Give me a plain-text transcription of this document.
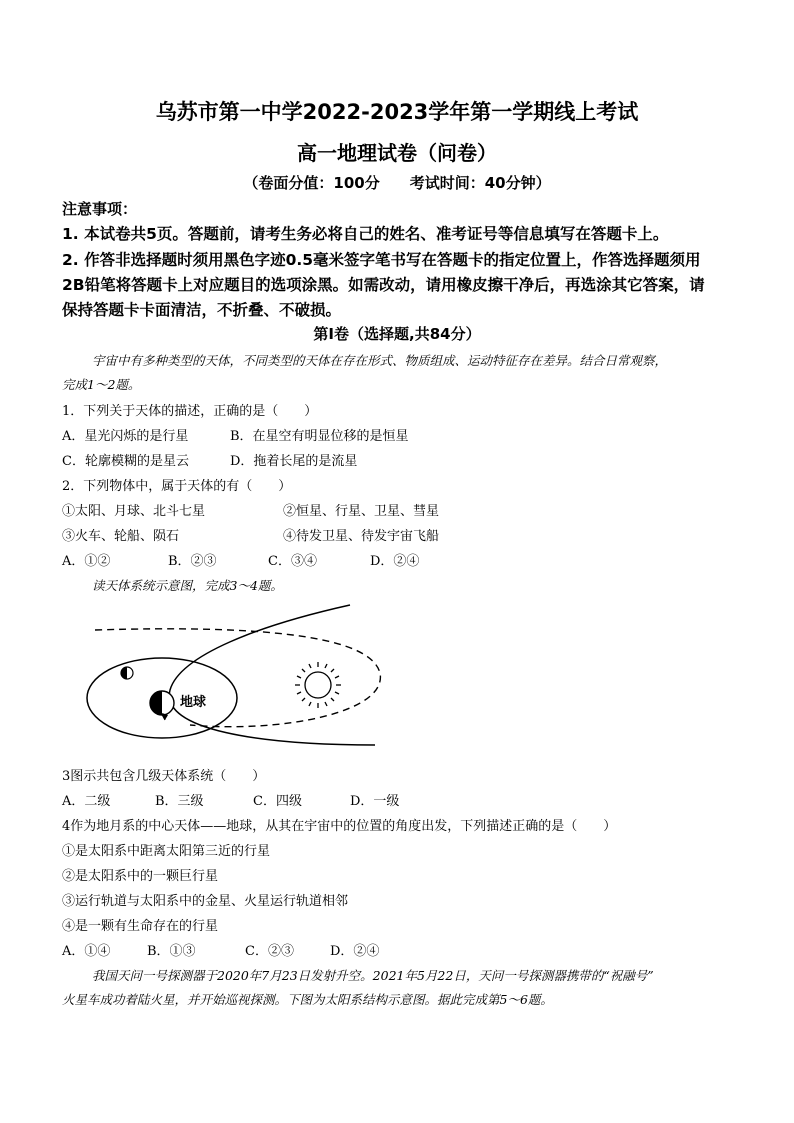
乌苏市第一中学2022-2023学年第一学期线上考试
高一地理试卷（问卷）
（卷面分值：100分　　考试时间：40分钟）
注意事项：
1. 本试卷共5页。答题前，请考生务必将自己的姓名、准考证号等信息填写在答题卡上。
2. 作答非选择题时须用黑色字迹0.5毫米签字笔书写在答题卡的指定位置上，作答选择题须用
2B铅笔将答题卡上对应题目的选项涂黑。如需改动，请用橡皮擦干净后，再选涂其它答案，请
保持答题卡卡面清洁，不折叠、不破损。
第Ⅰ卷（选择题,共84分）
宇宙中有多种类型的天体，不同类型的天体在存在形式、物质组成、运动特征存在差异。结合日常观察，
完成1～2题。
1．下列关于天体的描述，正确的是（　　）
A．星光闪烁的是行星	B．在星空有明显位移的是恒星
C．轮廓模糊的是星云	D．拖着长尾的是流星
2．下列物体中，属于天体的有（　　）
①太阳、月球、北斗七星	②恒星、行星、卫星、彗星
③火车、轮船、陨石	④待发卫星、待发宇宙飞船
A．①②	B．②③	C．③④	D．②④
读天体系统示意图，完成3～4题。
地球
3图示共包含几级天体系统（　　）
A．二级	B．三级	C．四级	D．一级
4作为地月系的中心天体——地球，从其在宇宙中的位置的角度出发，下列描述正确的是（　　）
①是太阳系中距离太阳第三近的行星
②是太阳系中的一颗巨行星
③运行轨道与太阳系中的金星、火星运行轨道相邻
④是一颗有生命存在的行星
A．①④	B．①③	C．②③	D．②④
我国天问一号探测器于2020年7月23日发射升空。2021年5月22日，天问一号探测器携带的“祝融号”
火星车成功着陆火星，并开始巡视探测。下图为太阳系结构示意图。据此完成第5～6题。
